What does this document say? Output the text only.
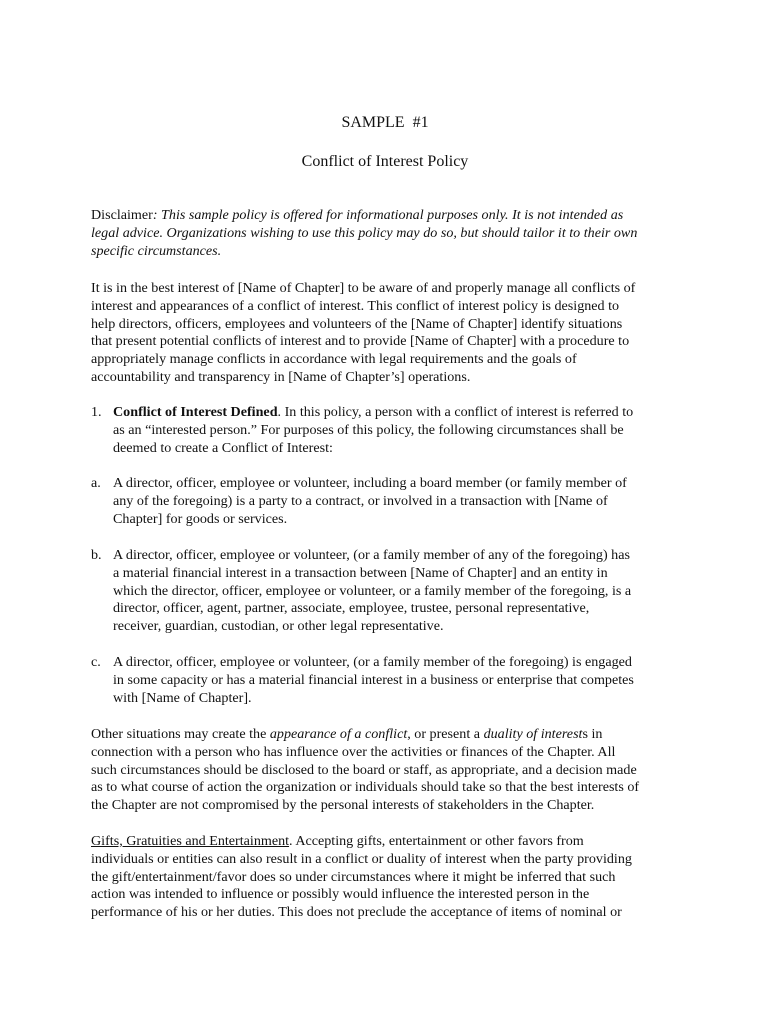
SAMPLE  #1
Conflict of Interest Policy
Disclaimer: This sample policy is offered for informational purposes only. It is not intended as
legal advice. Organizations wishing to use this policy may do so, but should tailor it to their own
specific circumstances.
It is in the best interest of [Name of Chapter] to be aware of and properly manage all conflicts of
interest and appearances of a conflict of interest. This conflict of interest policy is designed to
help directors, officers, employees and volunteers of the [Name of Chapter] identify situations
that present potential conflicts of interest and to provide [Name of Chapter] with a procedure to
appropriately manage conflicts in accordance with legal requirements and the goals of
accountability and transparency in [Name of Chapter’s] operations.
1. Conflict of Interest Defined. In this policy, a person with a conflict of interest is referred to
as an “interested person.” For purposes of this policy, the following circumstances shall be
deemed to create a Conflict of Interest:
a. A director, officer, employee or volunteer, including a board member (or family member of
any of the foregoing) is a party to a contract, or involved in a transaction with [Name of
Chapter] for goods or services.
b. A director, officer, employee or volunteer, (or a family member of any of the foregoing) has
a material financial interest in a transaction between [Name of Chapter] and an entity in
which the director, officer, employee or volunteer, or a family member of the foregoing, is a
director, officer, agent, partner, associate, employee, trustee, personal representative,
receiver, guardian, custodian, or other legal representative.
c. A director, officer, employee or volunteer, (or a family member of the foregoing) is engaged
in some capacity or has a material financial interest in a business or enterprise that competes
with [Name of Chapter].
Other situations may create the appearance of a conflict, or present a duality of interests in
connection with a person who has influence over the activities or finances of the Chapter. All
such circumstances should be disclosed to the board or staff, as appropriate, and a decision made
as to what course of action the organization or individuals should take so that the best interests of
the Chapter are not compromised by the personal interests of stakeholders in the Chapter.
Gifts, Gratuities and Entertainment. Accepting gifts, entertainment or other favors from
individuals or entities can also result in a conflict or duality of interest when the party providing
the gift/entertainment/favor does so under circumstances where it might be inferred that such
action was intended to influence or possibly would influence the interested person in the
performance of his or her duties. This does not preclude the acceptance of items of nominal or
